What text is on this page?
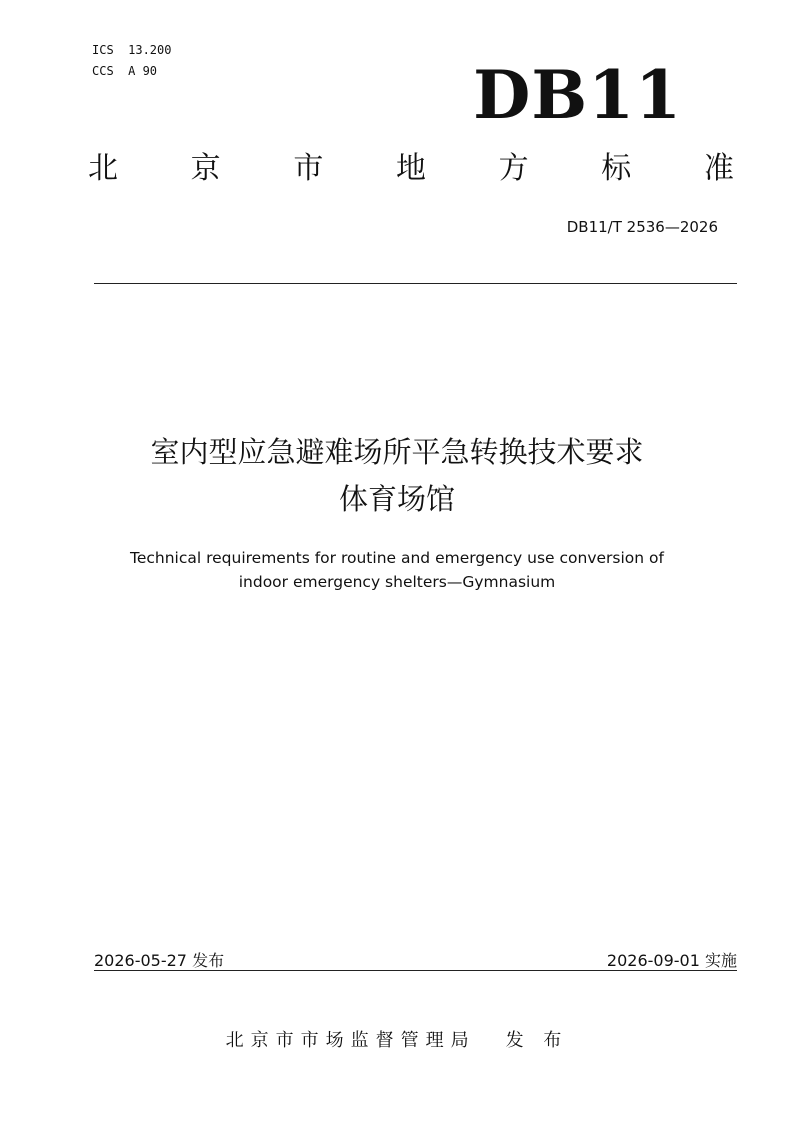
ICS  13.200
CCS  A 90	DB11
北 京 市 地 方 标 准
DB11/T 2536—2026
室内型应急避难场所平急转换技术要求
体育场馆
Technical requirements for routine and emergency use conversion of
indoor emergency shelters—Gymnasium
2026-05-27 发布	2026-09-01 实施
北京市市场监督管理局 发 布
